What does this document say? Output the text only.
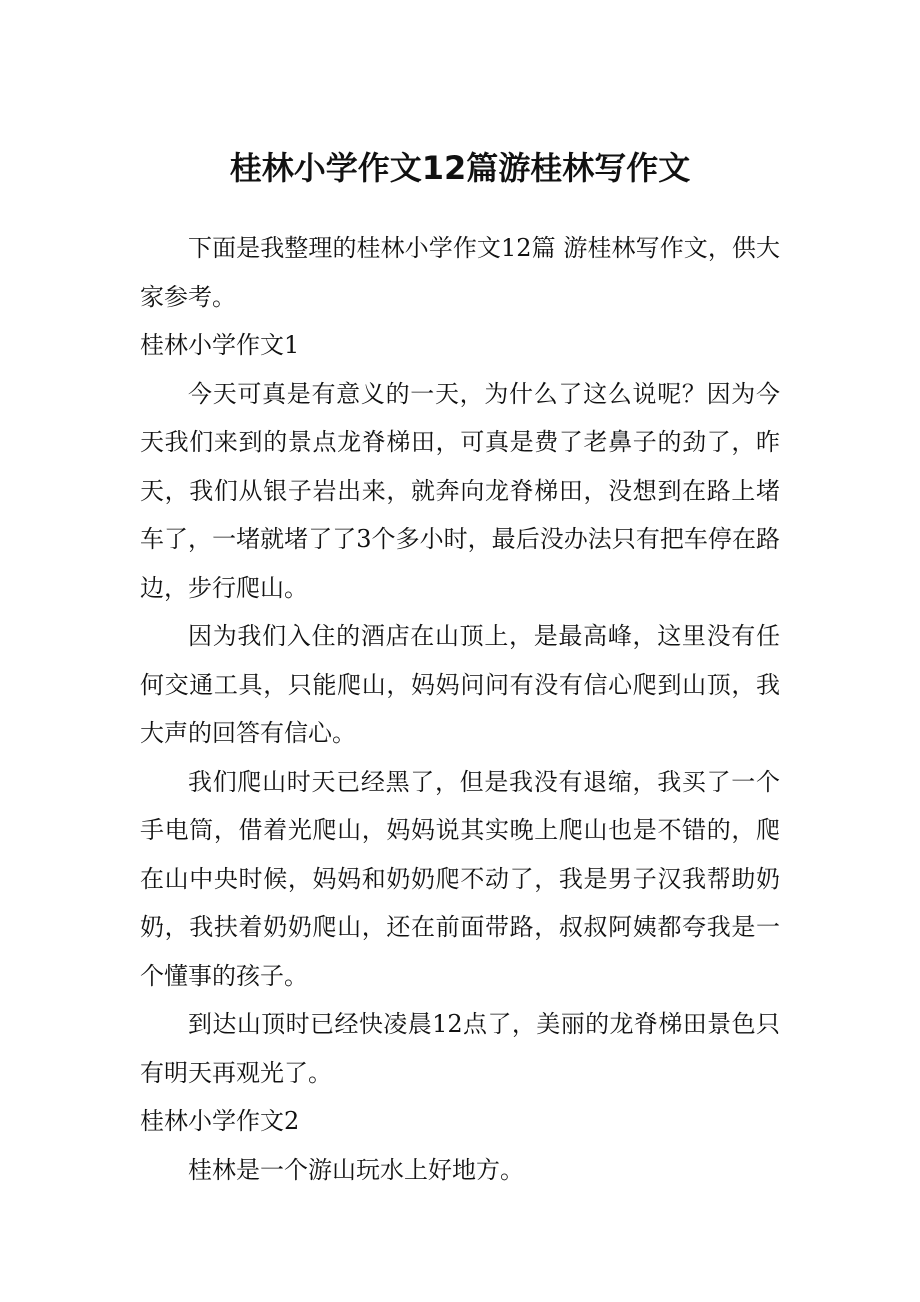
桂林小学作文12篇游桂林写作文

下面是我整理的桂林小学作文12篇 游桂林写作文，供大家参考。

桂林小学作文1

今天可真是有意义的一天，为什么了这么说呢？因为今天我们来到的景点龙脊梯田，可真是费了老鼻子的劲了，昨天，我们从银子岩出来，就奔向龙脊梯田，没想到在路上堵车了，一堵就堵了了3个多小时，最后没办法只有把车停在路边，步行爬山。

因为我们入住的酒店在山顶上，是最高峰，这里没有任何交通工具，只能爬山，妈妈问问有没有信心爬到山顶，我大声的回答有信心。

我们爬山时天已经黑了，但是我没有退缩，我买了一个手电筒，借着光爬山，妈妈说其实晚上爬山也是不错的，爬在山中央时候，妈妈和奶奶爬不动了，我是男子汉我帮助奶奶，我扶着奶奶爬山，还在前面带路，叔叔阿姨都夸我是一个懂事的孩子。

到达山顶时已经快凌晨12点了，美丽的龙脊梯田景色只有明天再观光了。

桂林小学作文2

桂林是一个游山玩水上好地方。
